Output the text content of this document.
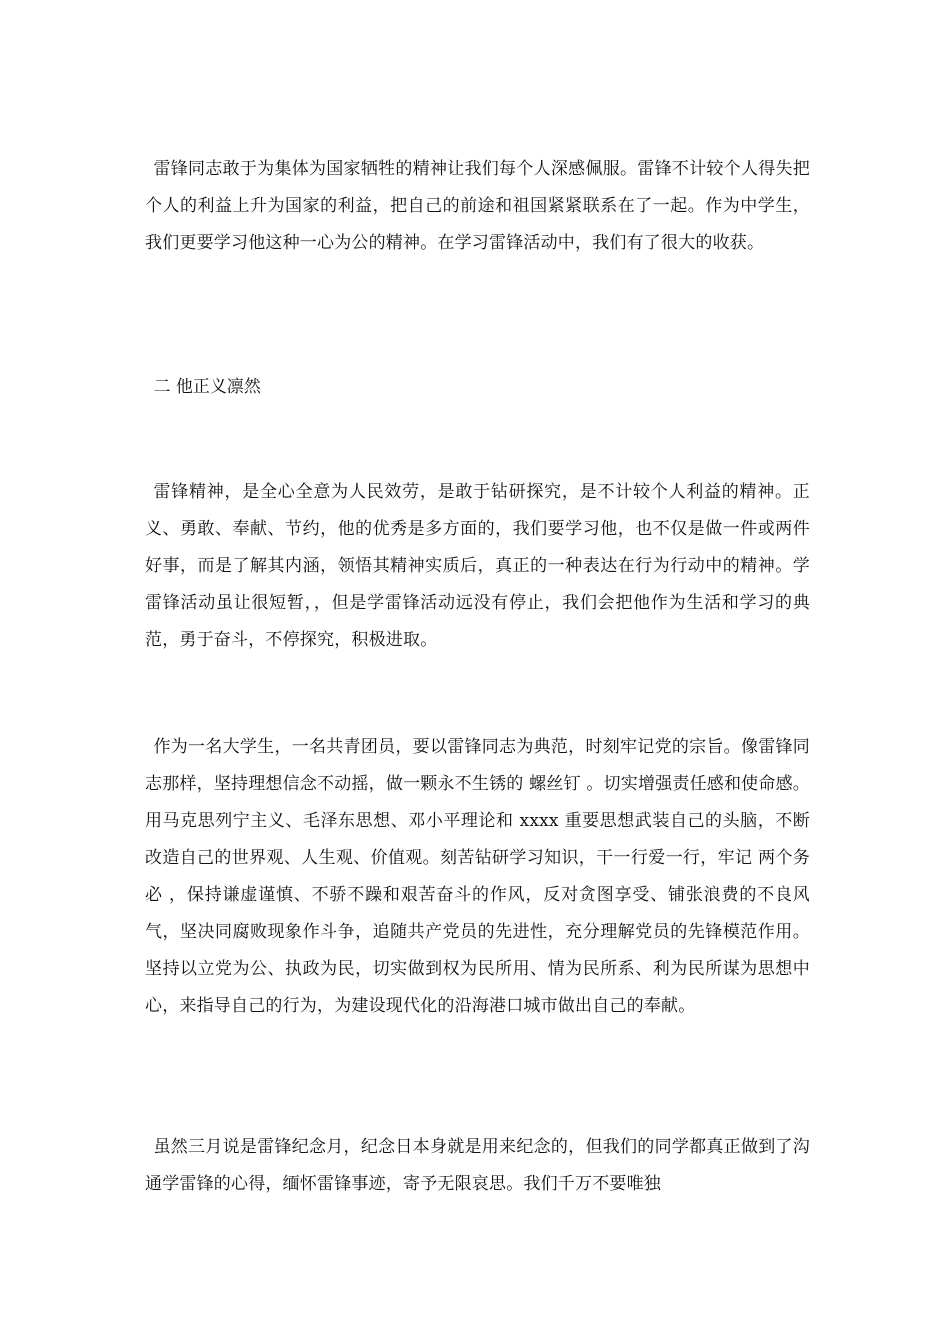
雷锋同志敢于为集体为国家牺牲的精神让我们每个人深感佩服。雷锋不计较个人得失把个人的利益上升为国家的利益，把自己的前途和祖国紧紧联系在了一起。作为中学生，我们更要学习他这种一心为公的精神。在学习雷锋活动中，我们有了很大的收获。

二 他正义凛然

雷锋精神，是全心全意为人民效劳，是敢于钻研探究，是不计较个人利益的精神。正义、勇敢、奉献、节约，他的优秀是多方面的，我们要学习他，也不仅是做一件或两件好事，而是了解其内涵，领悟其精神实质后，真正的一种表达在行为行动中的精神。学雷锋活动虽让很短暂，，但是学雷锋活动远没有停止，我们会把他作为生活和学习的典范，勇于奋斗，不停探究，积极进取。

作为一名大学生，一名共青团员，要以雷锋同志为典范，时刻牢记党的宗旨。像雷锋同志那样，坚持理想信念不动摇，做一颗永不生锈的 螺丝钉 。切实增强责任感和使命感。用马克思列宁主义、毛泽东思想、邓小平理论和 xxxx 重要思想武装自己的头脑，不断改造自己的世界观、人生观、价值观。刻苦钻研学习知识，干一行爱一行，牢记 两个务必 ，保持谦虚谨慎、不骄不躁和艰苦奋斗的作风，反对贪图享受、铺张浪费的不良风气，坚决同腐败现象作斗争，追随共产党员的先进性，充分理解党员的先锋模范作用。坚持以立党为公、执政为民，切实做到权为民所用、情为民所系、利为民所谋为思想中心，来指导自己的行为，为建设现代化的沿海港口城市做出自己的奉献。

虽然三月说是雷锋纪念月，纪念日本身就是用来纪念的，但我们的同学都真正做到了沟通学雷锋的心得，缅怀雷锋事迹，寄予无限哀思。我们千万不要唯独
